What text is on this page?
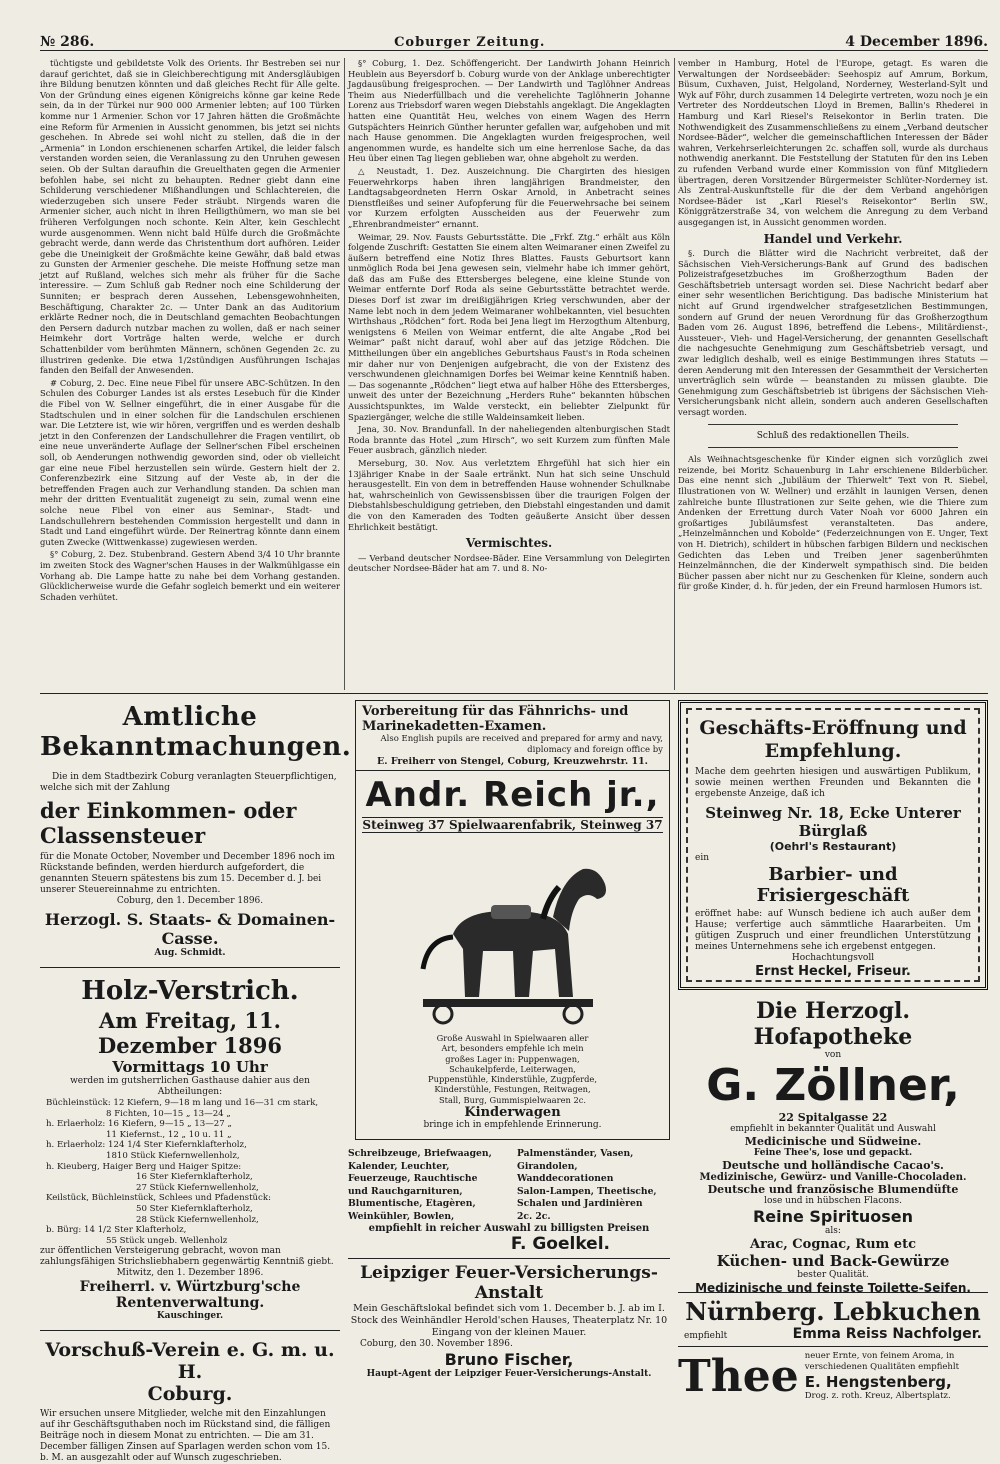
№ 286.	Coburger Zeitung.	4 December 1896.

tüchtigste und gebildetste Volk des Orients. Ihr Bestreben sei nur darauf gerichtet, daß sie in Gleichberechtigung mit Andersgläubigen ihre Bildung benutzen könnten und daß gleiches Recht für Alle gelte. Von der Gründung eines eigenen Königreichs könne gar keine Rede sein, da in der Türkei nur 900 000 Armenier lebten; auf 100 Türken komme nur 1 Armenier. Schon vor 17 Jahren hätten die Großmächte eine Reform für Armenien in Aussicht genommen, bis jetzt sei nichts geschehen. In Abrede sei wohl nicht zu stellen, daß die in der „Armenia“ in London erschienenen scharfen Artikel, die leider falsch verstanden worden seien, die Veranlassung zu den Unruhen gewesen seien. Ob der Sultan daraufhin die Greuelthaten gegen die Armenier befohlen habe, sei nicht zu behaupten. Redner giebt dann eine Schilderung verschiedener Mißhandlungen und Schlachtereien, die wiederzugeben sich unsere Feder sträubt. Nirgends waren die Armenier sicher, auch nicht in ihren Heiligthümern, wo man sie bei früheren Verfolgungen noch schonte. Kein Alter, kein Geschlecht wurde ausgenommen. Wenn nicht bald Hülfe durch die Großmächte gebracht werde, dann werde das Christenthum dort aufhören. Leider gebe die Uneinigkeit der Großmächte keine Gewähr, daß bald etwas zu Gunsten der Armenier geschehe. Die meiste Hoffnung setze man jetzt auf Rußland, welches sich mehr als früher für die Sache interessire. — Zum Schluß gab Redner noch eine Schilderung der Sunniten; er besprach deren Aussehen, Lebensgewohnheiten, Beschäftigung, Charakter 2c. — Unter Dank an das Auditorium erklärte Redner noch, die in Deutschland gemachten Beobachtungen den Persern dadurch nutzbar machen zu wollen, daß er nach seiner Heimkehr dort Vorträge halten werde, welche er durch Schattenbilder vom berühmten Männern, schönen Gegenden 2c. zu illustriren gedenke. Die etwa 1/2stündigen Ausführungen Ischajas fanden den Beifall der Anwesenden.

# Coburg, 2. Dec. Eine neue Fibel für unsere ABC-Schützen. In den Schulen des Coburger Landes ist als erstes Lesebuch für die Kinder die Fibel von W. Sellner eingeführt, die in einer Ausgabe für die Stadtschulen und in einer solchen für die Landschulen erschienen war. Die Letztere ist, wie wir hören, vergriffen und es werden deshalb jetzt in den Conferenzen der Landschullehrer die Fragen ventilirt, ob eine neue unveränderte Auflage der Sellner'schen Fibel erscheinen soll, ob Aenderungen nothwendig geworden sind, oder ob vielleicht gar eine neue Fibel herzustellen sein würde. Gestern hielt der 2. Conferenzbezirk eine Sitzung auf der Veste ab, in der die betreffenden Fragen auch zur Verhandlung standen. Da schien man mehr der dritten Eventualität zugeneigt zu sein, zumal wenn eine solche neue Fibel von einer aus Seminar-, Stadt- und Landschullehrern bestehenden Commission hergestellt und dann in Stadt und Land eingeführt würde. Der Reinertrag könnte dann einem guten Zwecke (Wittwenkasse) zugewiesen werden.

§° Coburg, 2. Dez. Stubenbrand. Gestern Abend 3/4 10 Uhr brannte im zweiten Stock des Wagner'schen Hauses in der Walkmühlgasse ein Vorhang ab. Die Lampe hatte zu nahe bei dem Vorhang gestanden. Glücklicherweise wurde die Gefahr sogleich bemerkt und ein weiterer Schaden verhütet.

§° Coburg, 1. Dez. Schöffengericht. Der Landwirth Johann Heinrich Heublein aus Beyersdorf b. Coburg wurde von der Anklage unberechtigter Jagdausübung freigesprochen. — Der Landwirth und Taglöhner Andreas Theim aus Niederfüllbach und die verehelichte Taglöhnerin Johanne Lorenz aus Triebsdorf waren wegen Diebstahls angeklagt. Die Angeklagten hatten eine Quantität Heu, welches von einem Wagen des Herrn Gutspächters Heinrich Günther herunter gefallen war, aufgehoben und mit nach Hause genommen. Die Angeklagten wurden freigesprochen, weil angenommen wurde, es handelte sich um eine herrenlose Sache, da das Heu über einen Tag liegen geblieben war, ohne abgeholt zu werden.

△ Neustadt, 1. Dez. Auszeichnung. Die Chargirten des hiesigen Feuerwehrkorps haben ihren langjährigen Brandmeister, den Landtagsabgeordneten Herrn Oskar Arnold, in Anbetracht seines Dienstfleißes und seiner Aufopferung für die Feuerwehrsache bei seinem vor Kurzem erfolgten Ausscheiden aus der Feuerwehr zum „Ehrenbrandmeister“ ernannt.

Weimar, 29. Nov. Fausts Geburtsstätte. Die „Frkf. Ztg.“ erhält aus Köln folgende Zuschrift: Gestatten Sie einem alten Weimaraner einen Zweifel zu äußern betreffend eine Notiz Ihres Blattes. Fausts Geburtsort kann unmöglich Roda bei Jena gewesen sein, vielmehr habe ich immer gehört, daß das am Fuße des Ettersberges belegene, eine kleine Stunde von Weimar entfernte Dorf Roda als seine Geburtsstätte betrachtet werde. Dieses Dorf ist zwar im dreißigjährigen Krieg verschwunden, aber der Name lebt noch in dem jedem Weimaraner wohlbekannten, viel besuchten Wirthshaus „Rödchen“ fort. Roda bei Jena liegt im Herzogthum Altenburg, wenigstens 6 Meilen von Weimar entfernt, die alte Angabe „Rod bei Weimar“ paßt nicht darauf, wohl aber auf das jetzige Rödchen. Die Mittheilungen über ein angebliches Geburtshaus Faust's in Roda scheinen mir daher nur von Denjenigen aufgebracht, die von der Existenz des verschwundenen gleichnamigen Dorfes bei Weimar keine Kenntniß haben. — Das sogenannte „Rödchen“ liegt etwa auf halber Höhe des Ettersberges, unweit des unter der Bezeichnung „Herders Ruhe“ bekannten hübschen Aussichtspunktes, im Walde versteckt, ein beliebter Zielpunkt für Spaziergänger, welche die stille Waldeinsamkeit lieben.

Jena, 30. Nov. Brandunfall. In der naheliegenden altenburgischen Stadt Roda brannte das Hotel „zum Hirsch“, wo seit Kurzem zum fünften Male Feuer ausbrach, gänzlich nieder.

Merseburg, 30. Nov. Aus verletztem Ehrgefühl hat sich hier ein 13jähriger Knabe in der Saale ertränkt. Nun hat sich seine Unschuld herausgestellt. Ein von dem in betreffenden Hause wohnender Schulknabe hat, wahrscheinlich von Gewissensbissen über die traurigen Folgen der Diebstahlsbeschuldigung getrieben, den Diebstahl eingestanden und damit die von den Kameraden des Todten geäußerte Ansicht über dessen Ehrlichkeit bestätigt.

Vermischtes.

— Verband deutscher Nordsee-Bäder. Eine Versammlung von Delegirten deutscher Nordsee-Bäder hat am 7. und 8. No-

vember in Hamburg, Hotel de l'Europe, getagt. Es waren die Verwaltungen der Nordseebäder: Seehospiz auf Amrum, Borkum, Büsum, Cuxhaven, Juist, Helgoland, Norderney, Westerland-Sylt und Wyk auf Föhr, durch zusammen 14 Delegirte vertreten, wozu noch je ein Vertreter des Norddeutschen Lloyd in Bremen, Ballin's Rhederei in Hamburg und Karl Riesel's Reisekontor in Berlin traten. Die Nothwendigkeit des Zusammenschließens zu einem „Verband deutscher Nordsee-Bäder“, welcher die gemeinschaftlichen Interessen der Bäder wahren, Verkehrserleichterungen 2c. schaffen soll, wurde als durchaus nothwendig anerkannt. Die Feststellung der Statuten für den ins Leben zu rufenden Verband wurde einer Kommission von fünf Mitgliedern übertragen, deren Vorsitzender Bürgermeister Schlüter-Norderney ist. Als Zentral-Auskunftstelle für die der dem Verband angehörigen Nordsee-Bäder ist „Karl Riesel's Reisekontor“ Berlin SW., Königgrätzerstraße 34, von welchem die Anregung zu dem Verband ausgegangen ist, in Aussicht genommen worden.

Handel und Verkehr.

§. Durch die Blätter wird die Nachricht verbreitet, daß der Sächsischen Vieh-Versicherungs-Bank auf Grund des badischen Polizeistrafgesetzbuches im Großherzogthum Baden der Geschäftsbetrieb untersagt worden sei. Diese Nachricht bedarf aber einer sehr wesentlichen Berichtigung. Das badische Ministerium hat nicht auf Grund irgendwelcher strafgesetzlichen Bestimmungen, sondern auf Grund der neuen Verordnung für das Großherzogthum Baden vom 26. August 1896, betreffend die Lebens-, Militärdienst-, Aussteuer-, Vieh- und Hagel-Versicherung, der genannten Gesellschaft die nachgesuchte Genehmigung zum Geschäftsbetrieb versagt, und zwar lediglich deshalb, weil es einige Bestimmungen ihres Statuts — deren Aenderung mit den Interessen der Gesammtheit der Versicherten unverträglich sein würde — beanstanden zu müssen glaubte. Die Genehmigung zum Geschäftsbetrieb ist übrigens der Sächsischen Vieh-Versicherungsbank nicht allein, sondern auch anderen Gesellschaften versagt worden.

Schluß des redaktionellen Theils.

Als Weihnachtsgeschenke für Kinder eignen sich vorzüglich zwei reizende, bei Moritz Schauenburg in Lahr erschienene Bilderbücher. Das eine nennt sich „Jubiläum der Thierwelt“ Text von R. Siebel, Illustrationen von W. Wellner) und erzählt in launigen Versen, denen zahlreiche bunte Illustrationen zur Seite gehen, wie die Thiere zum Andenken der Errettung durch Vater Noah vor 6000 Jahren ein großartiges Jubiläumsfest veranstalteten. Das andere, „Heinzelmännchen und Kobolde“ (Federzeichnungen von E. Unger, Text von H. Dietrich), schildert in hübschen farbigen Bildern und neckischen Gedichten das Leben und Treiben jener sagenberühmten Heinzelmännchen, die der Kinderwelt sympathisch sind. Die beiden Bücher passen aber nicht nur zu Geschenken für Kleine, sondern auch für große Kinder, d. h. für jeden, der ein Freund harmlosen Humors ist.

Amtliche Bekanntmachungen.
Die in dem Stadtbezirk Coburg veranlagten Steuerpflichtigen, welche sich mit der Zahlung
der Einkommen- oder Classensteuer
für die Monate October, November und December 1896 noch im Rückstande befinden, werden hierdurch aufgefordert, die genannten Steuern spätestens bis zum 15. December d. J. bei unserer Steuereinnahme zu entrichten.
Coburg, den 1. December 1896.
Herzogl. S. Staats- & Domainen-Casse.
Aug. Schmidt.
Holz-Verstrich.
Am Freitag, 11. Dezember 1896
Vormittags 10 Uhr
werden im gutsherrlichen Gasthause dahier aus den Abtheilungen:
Büchleinstück: 12 Kiefern, 9—18 m lang und 16—31 cm stark,
8 Fichten, 10—15 „ 13—24 „
h. Erlaerholz: 16 Kiefern, 9—15 „ 13—27 „
11 Kiefernst., 12 „ 10 u. 11 „
h. Erlaerholz: 124 1/4 Ster Kiefernklafterholz,
1810 Stück Kiefernwellenholz,
h. Kieuberg, Haiger Berg und Haiger Spitze:
16 Ster Kiefernklafterholz,
27 Stück Kiefernwellenholz,
Keilstück, Büchleinstück, Schlees und Pfadenstück:
50 Ster Kiefernklafterholz,
28 Stück Kiefernwellenholz,
b. Bürg: 14 1/2 Ster Klafterholz,
55 Stück ungeb. Wellenholz
zur öffentlichen Versteigerung gebracht, wovon man zahlungsfähigen Strichsliebhabern gegenwärtig Kenntniß giebt.
Mitwitz, den 1. Dezember 1896.
Freiherrl. v. Würtzburg'sche Rentenverwaltung.
Kauschinger.
Vorschuß-Verein e. G. m. u. H.
Coburg.
Wir ersuchen unsere Mitglieder, welche mit den Einzahlungen auf ihr Geschäftsguthaben noch im Rückstand sind, die fälligen Beiträge noch in diesem Monat zu entrichten. — Die am 31. December fälligen Zinsen auf Sparlagen werden schon vom 15. b. M. an ausgezahlt oder auf Wunsch zugeschrieben.
Vorbereitung für das Fähnrichs- und Marinekadetten-Examen.
Also English pupils are received and prepared for army and navy, diplomacy and foreign office by
E. Freiherr von Stengel, Coburg, Kreuzwehrstr. 11.
Andr. Reich jr.,
Steinweg 37 Spielwaarenfabrik, Steinweg 37
Große Auswahl in Spielwaaren aller Art, besonders empfehle ich mein großes Lager in: Puppenwagen, Schaukelpferde, Leiterwagen, Puppenstühle, Kinderstühle, Zugpferde, Kinderstühle, Festungen, Reitwagen, Stall, Burg, Gummispielwaaren 2c.
Kinderwagen
bringe ich in empfehlende Erinnerung.
Schreibzeuge, Briefwaagen,
Kalender, Leuchter,
Feuerzeuge, Rauchtische
und Rauchgarnituren,
Blumentische, Etagèren,
Weinkühler, Bowlen,
Palmenständer, Vasen,
Girandolen,
Wanddecorationen
Salon-Lampen, Theetische,
Schalen und Jardinièren
2c. 2c.
empfiehlt in reicher Auswahl zu billigsten Preisen
F. Goelkel.
Leipziger Feuer-Versicherungs-Anstalt
Mein Geschäftslokal befindet sich vom 1. December b. J. ab im I. Stock des Weinhändler Herold'schen Hauses, Theaterplatz Nr. 10 Eingang von der kleinen Mauer.
Coburg, den 30. November 1896.
Bruno Fischer,
Haupt-Agent der Leipziger Feuer-Versicherungs-Anstalt.
Geschäfts-Eröffnung und Empfehlung.
Mache dem geehrten hiesigen und auswärtigen Publikum, sowie meinen werthen Freunden und Bekannten die ergebenste Anzeige, daß ich
Steinweg Nr. 18, Ecke Unterer Bürglaß
(Oehrl's Restaurant)
ein
Barbier- und Frisiergeschäft
eröffnet habe: auf Wunsch bediene ich auch außer dem Hause; verfertige auch sämmtliche Haararbeiten. Um gütigen Zuspruch und einer freundlichen Unterstützung meines Unternehmens sehe ich ergebenst entgegen.
Hochachtungsvoll
Ernst Heckel, Friseur.
Die Herzogl. Hofapotheke
von
G. Zöllner,
22 Spitalgasse 22
empfiehlt in bekannter Qualität und Auswahl
Medicinische und Südweine.
Feine Thee's, lose und gepackt.
Deutsche und holländische Cacao's.
Medizinische, Gewürz- und Vanille-Chocoladen.
Deutsche und französische Blumendüfte
lose und in hübschen Flacons.
Reine Spirituosen
als:
Arac, Cognac, Rum etc
Küchen- und Back-Gewürze
bester Qualität.
Medizinische und feinste Toilette-Seifen.
Nürnberg. Lebkuchen
empfiehlt	Emma Reiss Nachfolger.
Thee neuer Ernte, von feinem Aroma, in verschiedenen Qualitäten empfiehlt
E. Hengstenberg,
Drog. z. roth. Kreuz, Albertsplatz.
